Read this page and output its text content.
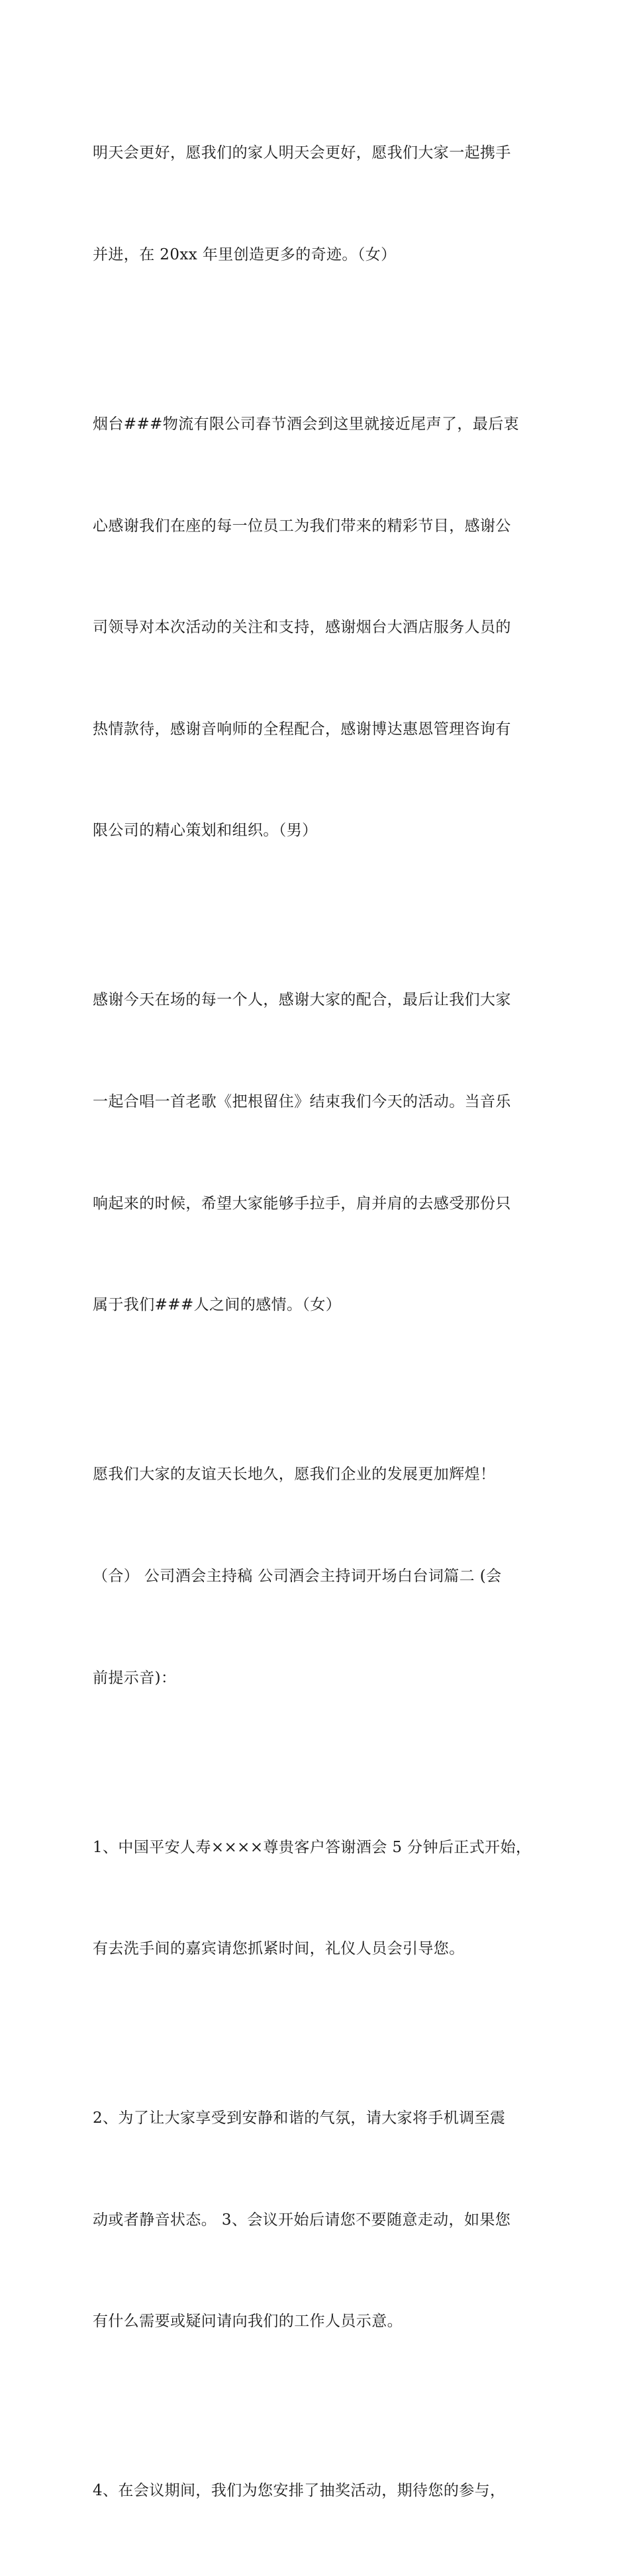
明天会更好，愿我们的家人明天会更好，愿我们大家一起携手

并进，在 20xx 年里创造更多的奇迹。（女）

烟台###物流有限公司春节酒会到这里就接近尾声了，最后衷

心感谢我们在座的每一位员工为我们带来的精彩节目，感谢公

司领导对本次活动的关注和支持，感谢烟台大酒店服务人员的

热情款待，感谢音响师的全程配合，感谢博达惠恩管理咨询有

限公司的精心策划和组织。（男）

感谢今天在场的每一个人，感谢大家的配合，最后让我们大家

一起合唱一首老歌《把根留住》结束我们今天的活动。当音乐

响起来的时候，希望大家能够手拉手，肩并肩的去感受那份只

属于我们###人之间的感情。（女）

愿我们大家的友谊天长地久，愿我们企业的发展更加辉煌！

（合） 公司酒会主持稿 公司酒会主持词开场白台词篇二 (会

前提示音)：

1、中国平安人寿××××尊贵客户答谢酒会 5 分钟后正式开始，

有去洗手间的嘉宾请您抓紧时间，礼仪人员会引导您。

2、为了让大家享受到安静和谐的气氛，请大家将手机调至震

动或者静音状态。 3、会议开始后请您不要随意走动，如果您

有什么需要或疑问请向我们的工作人员示意。

4、在会议期间，我们为您安排了抽奖活动，期待您的参与，
